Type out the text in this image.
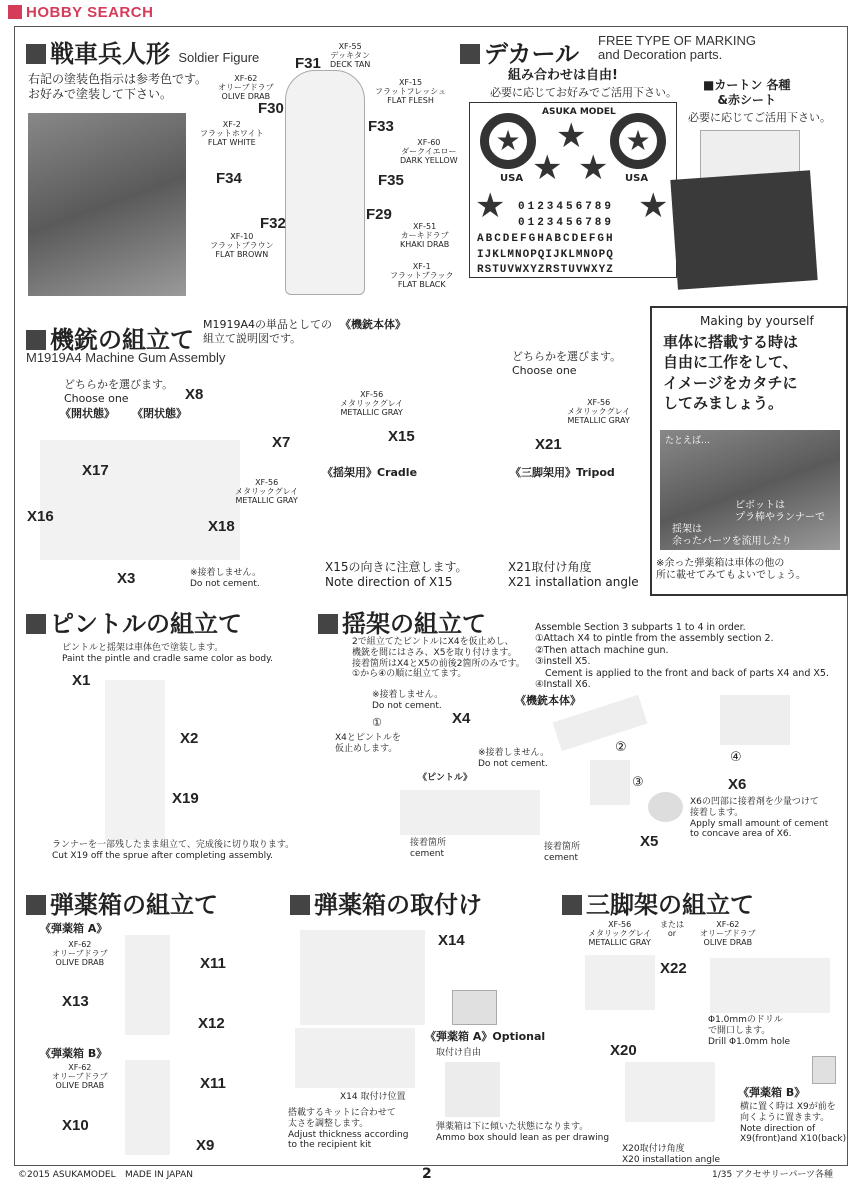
HOBBY SEARCH
戦車兵人形 Soldier Figure
右記の塗装色指示は参考色です。
お好みで塗装して下さい。
F31
F30
F33
F34	F35
F32
F29
XF-55
デッキタン
DECK TAN
XF-62
オリーブドラブ
OLIVE DRAB
XF-15
フラットフレッシュ
FLAT FLESH
XF-2
フラットホワイト
FLAT WHITE	XF-60
ダークイエロー
DARK YELLOW
XF-10
フラットブラウン
FLAT BROWN
XF-51
カーキドラブ
KHAKI DRAB
XF-1
フラットブラック
FLAT BLACK
デカール FREE TYPE OF MARKING
and Decoration parts.
組み合わせは自由!
必要に応じてお好みでご活用下さい。
★	★
ASUKA MODEL
★
★ ★
★	★
USA	USA
0123456789
0123456789
ABCDEFGHABCDEFGH
IJKLMNOPQIJKLMNOPQ
RSTUVWXYZRSTUVWXYZ
■カートン 各種
&赤シート
必要に応じてご活用下さい。
機銃の組立て
M1919A4の単品としての組立て説明図です。
M1919A4 Machine Gum Assembly
どちらかを選びます。
Choose one
《開状態》 《閉状態》
X8
X7
X17
X18
X16
X3
XF-56
メタリックグレイ
METALLIC GRAY
※接着しません。
Do not cement.
《機銃本体》
XF-56
メタリックグレイ
METALLIC GRAY
X15
どちらかを選びます。
Choose one
XF-56
メタリックグレイ
METALLIC GRAY
X21
《揺架用》Cradle	《三脚架用》Tripod
X15の向きに注意します。
Note direction of X15
X21取付け角度
X21 installation angle
Making by yourself
車体に搭載する時は
自由に工作をして、
イメージをカタチに
してみましょう。
たとえば…
ピボットは
プラ棒やランナーで
揺架は
余ったパーツを流用したり
※余った弾薬箱は車体の他の
所に載せてみてもよいでしょう。
ピントルの組立て
ピントルと揺架は車体色で塗装します。
Paint the pintle and cradle same color as body.
X1
X2
X19
ランナーを一部残したまま組立て、完成後に切り取ります。
Cut X19 off the sprue after completing assembly.
揺架の組立て
2で組立てたピントルにX4を仮止めし、
機銃を間にはさみ、X5を取り付けます。
接着箇所はX4とX5の前後2箇所のみです。
①から④の順に組立てます。
Assemble Section 3 subparts 1 to 4 in order.
①Attach X4 to pintle from the assembly section 2.
②Then attach machine gun.
③instell X5.
Cement is applied to the front and back of parts X4 and X5.
④Install X6.
※接着しません。
Do not cement.
①	X4
X4とピントルを
仮止めします。
《ピントル》
※接着しません。
Do not cement.
接着箇所
cement
接着箇所
cement
《機銃本体》
②
③
X5
④
X6
X6の凹部に接着剤を少量つけて
接着します。
Apply small amount of cement
to concave area of X6.
弾薬箱の組立て
《弾薬箱 A》
XF-62
オリーブドラブ
OLIVE DRAB	X11
X13
X12
《弾薬箱 B》
XF-62
オリーブドラブ
OLIVE DRAB	X11
X10
X9
弾薬箱の取付け
X14
《弾薬箱 A》Optional
取付け自由
X14 取付け位置
搭載するキットに合わせて
太さを調整します。
Adjust thickness according
to the recipient kit
弾薬箱は下に傾いた状態になります。
Ammo box should lean as per drawing
三脚架の組立て
XF-56
メタリックグレイ
METALLIC GRAY
または
or
XF-62
オリーブドラブ
OLIVE DRAB
X22
X20
Φ1.0mmのドリル
で開口します。
Drill Φ1.0mm hole
《弾薬箱 B》
横に置く時は X9が前を
向くように置きます。
Note direction of
X9(front)and X10(back)
X20取付け角度
X20 installation angle
©2015 ASUKAMODEL MADE IN JAPAN	2	1/35 アクセサリーパーツ各種
